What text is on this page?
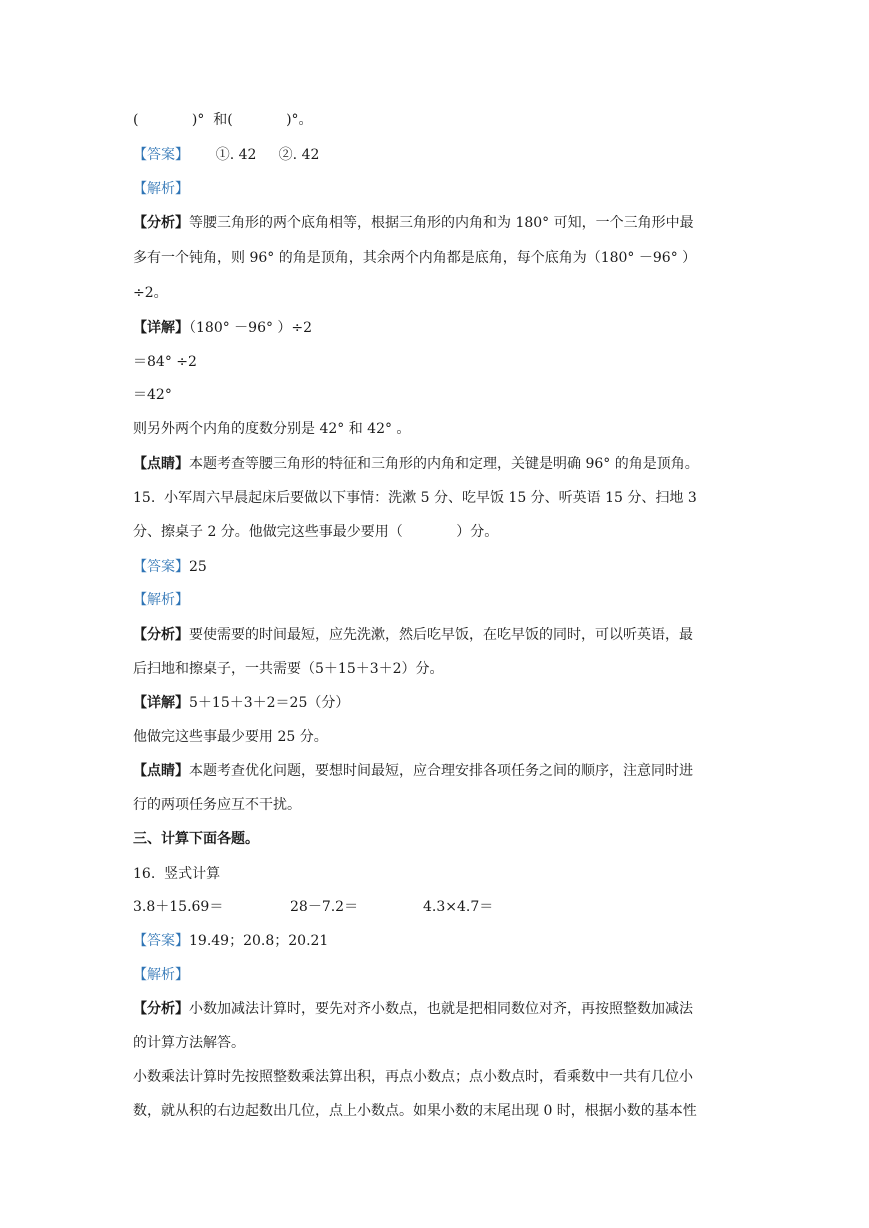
(            )°  和(            )°。
【答案】      ①. 42     ②. 42
【解析】
【分析】等腰三角形的两个底角相等，根据三角形的内角和为 180° 可知，一个三角形中最
多有一个钝角，则 96° 的角是顶角，其余两个内角都是底角，每个底角为（180° －96° ）
÷2。
【详解】（180° －96° ）÷2
＝84° ÷2
＝42°
则另外两个内角的度数分别是 42° 和 42° 。
【点睛】本题考查等腰三角形的特征和三角形的内角和定理，关键是明确 96° 的角是顶角。
15.  小军周六早晨起床后要做以下事情：洗漱 5 分、吃早饭 15 分、听英语 15 分、扫地 3
分、擦桌子 2 分。他做完这些事最少要用（            ）分。
【答案】25
【解析】
【分析】要使需要的时间最短，应先洗漱，然后吃早饭，在吃早饭的同时，可以听英语，最
后扫地和擦桌子，一共需要（5＋15＋3＋2）分。
【详解】5＋15＋3＋2＝25（分）
他做完这些事最少要用 25 分。
【点睛】本题考查优化问题，要想时间最短，应合理安排各项任务之间的顺序，注意同时进
行的两项任务应互不干扰。
三、计算下面各题。
16.  竖式计算
3.8＋15.69＝	28－7.2＝	4.3×4.7＝
【答案】19.49；20.8；20.21
【解析】
【分析】小数加减法计算时，要先对齐小数点，也就是把相同数位对齐，再按照整数加减法
的计算方法解答。
小数乘法计算时先按照整数乘法算出积，再点小数点；点小数点时，看乘数中一共有几位小
数，就从积的右边起数出几位，点上小数点。如果小数的末尾出现 0 时，根据小数的基本性
